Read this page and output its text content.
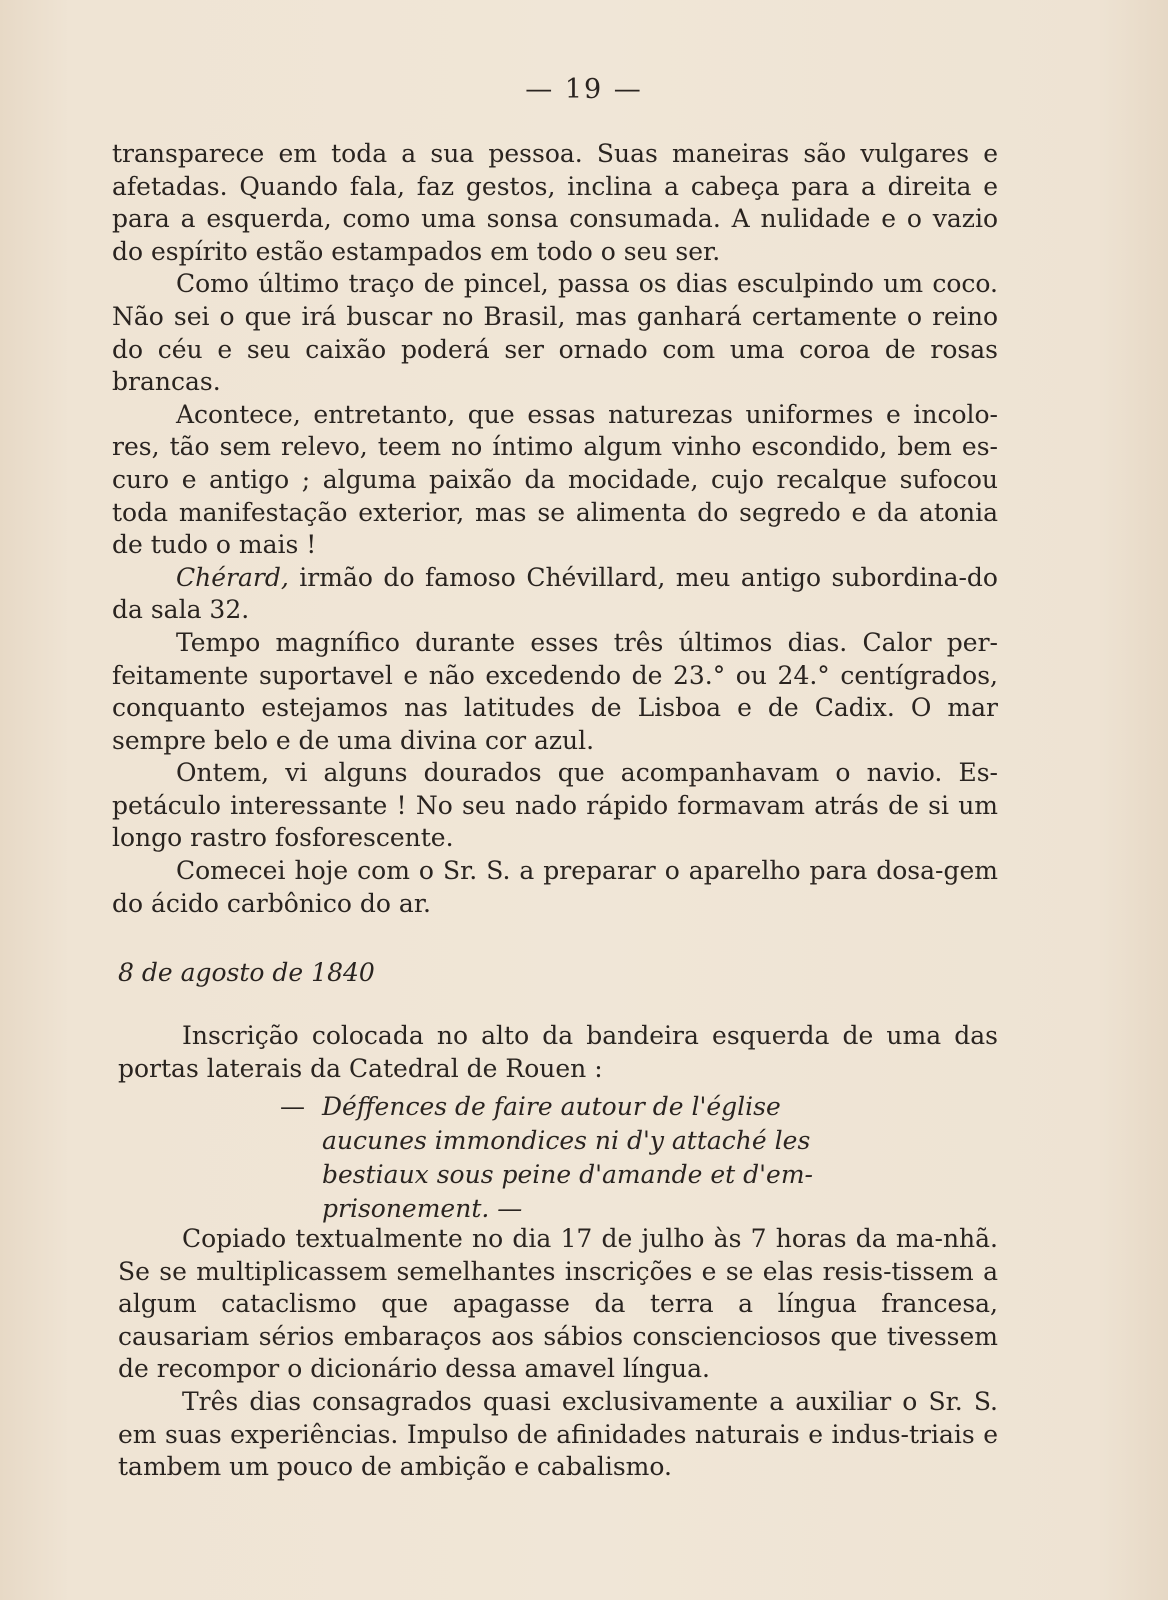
— 19 —

transparece em toda a sua pessoa. Suas maneiras são vulgares e afetadas. Quando fala, faz gestos, inclina a cabeça para a direita e para a esquerda, como uma sonsa consumada. A nulidade e o vazio do espírito estão estampados em todo o seu ser.

Como último traço de pincel, passa os dias esculpindo um coco. Não sei o que irá buscar no Brasil, mas ganhará certamente o reino do céu e seu caixão poderá ser ornado com uma coroa de rosas brancas.

Acontece, entretanto, que essas naturezas uniformes e incolo-res, tão sem relevo, teem no íntimo algum vinho escondido, bem es-curo e antigo ; alguma paixão da mocidade, cujo recalque sufocou toda manifestação exterior, mas se alimenta do segredo e da atonia de tudo o mais !

Chérard, irmão do famoso Chévillard, meu antigo subordina-do da sala 32.

Tempo magnífico durante esses três últimos dias. Calor per-feitamente suportavel e não excedendo de 23.° ou 24.° centígrados, conquanto estejamos nas latitudes de Lisboa e de Cadix. O mar sempre belo e de uma divina cor azul.

Ontem, vi alguns dourados que acompanhavam o navio. Es-petáculo interessante ! No seu nado rápido formavam atrás de si um longo rastro fosforescente.

Comecei hoje com o Sr. S. a preparar o aparelho para dosa-gem do ácido carbônico do ar.

8 de agosto de 1840

Inscrição colocada no alto da bandeira esquerda de uma das portas laterais da Catedral de Rouen :

— Déffences de faire autour de l'église
aucunes immondices ni d'y attaché les
bestiaux sous peine d'amande et d'em-
prisonement. —

Copiado textualmente no dia 17 de julho às 7 horas da ma-nhã. Se se multiplicassem semelhantes inscrições e se elas resis-tissem a algum cataclismo que apagasse da terra a língua francesa, causariam sérios embaraços aos sábios conscienciosos que tivessem de recompor o dicionário dessa amavel língua.

Três dias consagrados quasi exclusivamente a auxiliar o Sr. S. em suas experiências. Impulso de afinidades naturais e indus-triais e tambem um pouco de ambição e cabalismo.
